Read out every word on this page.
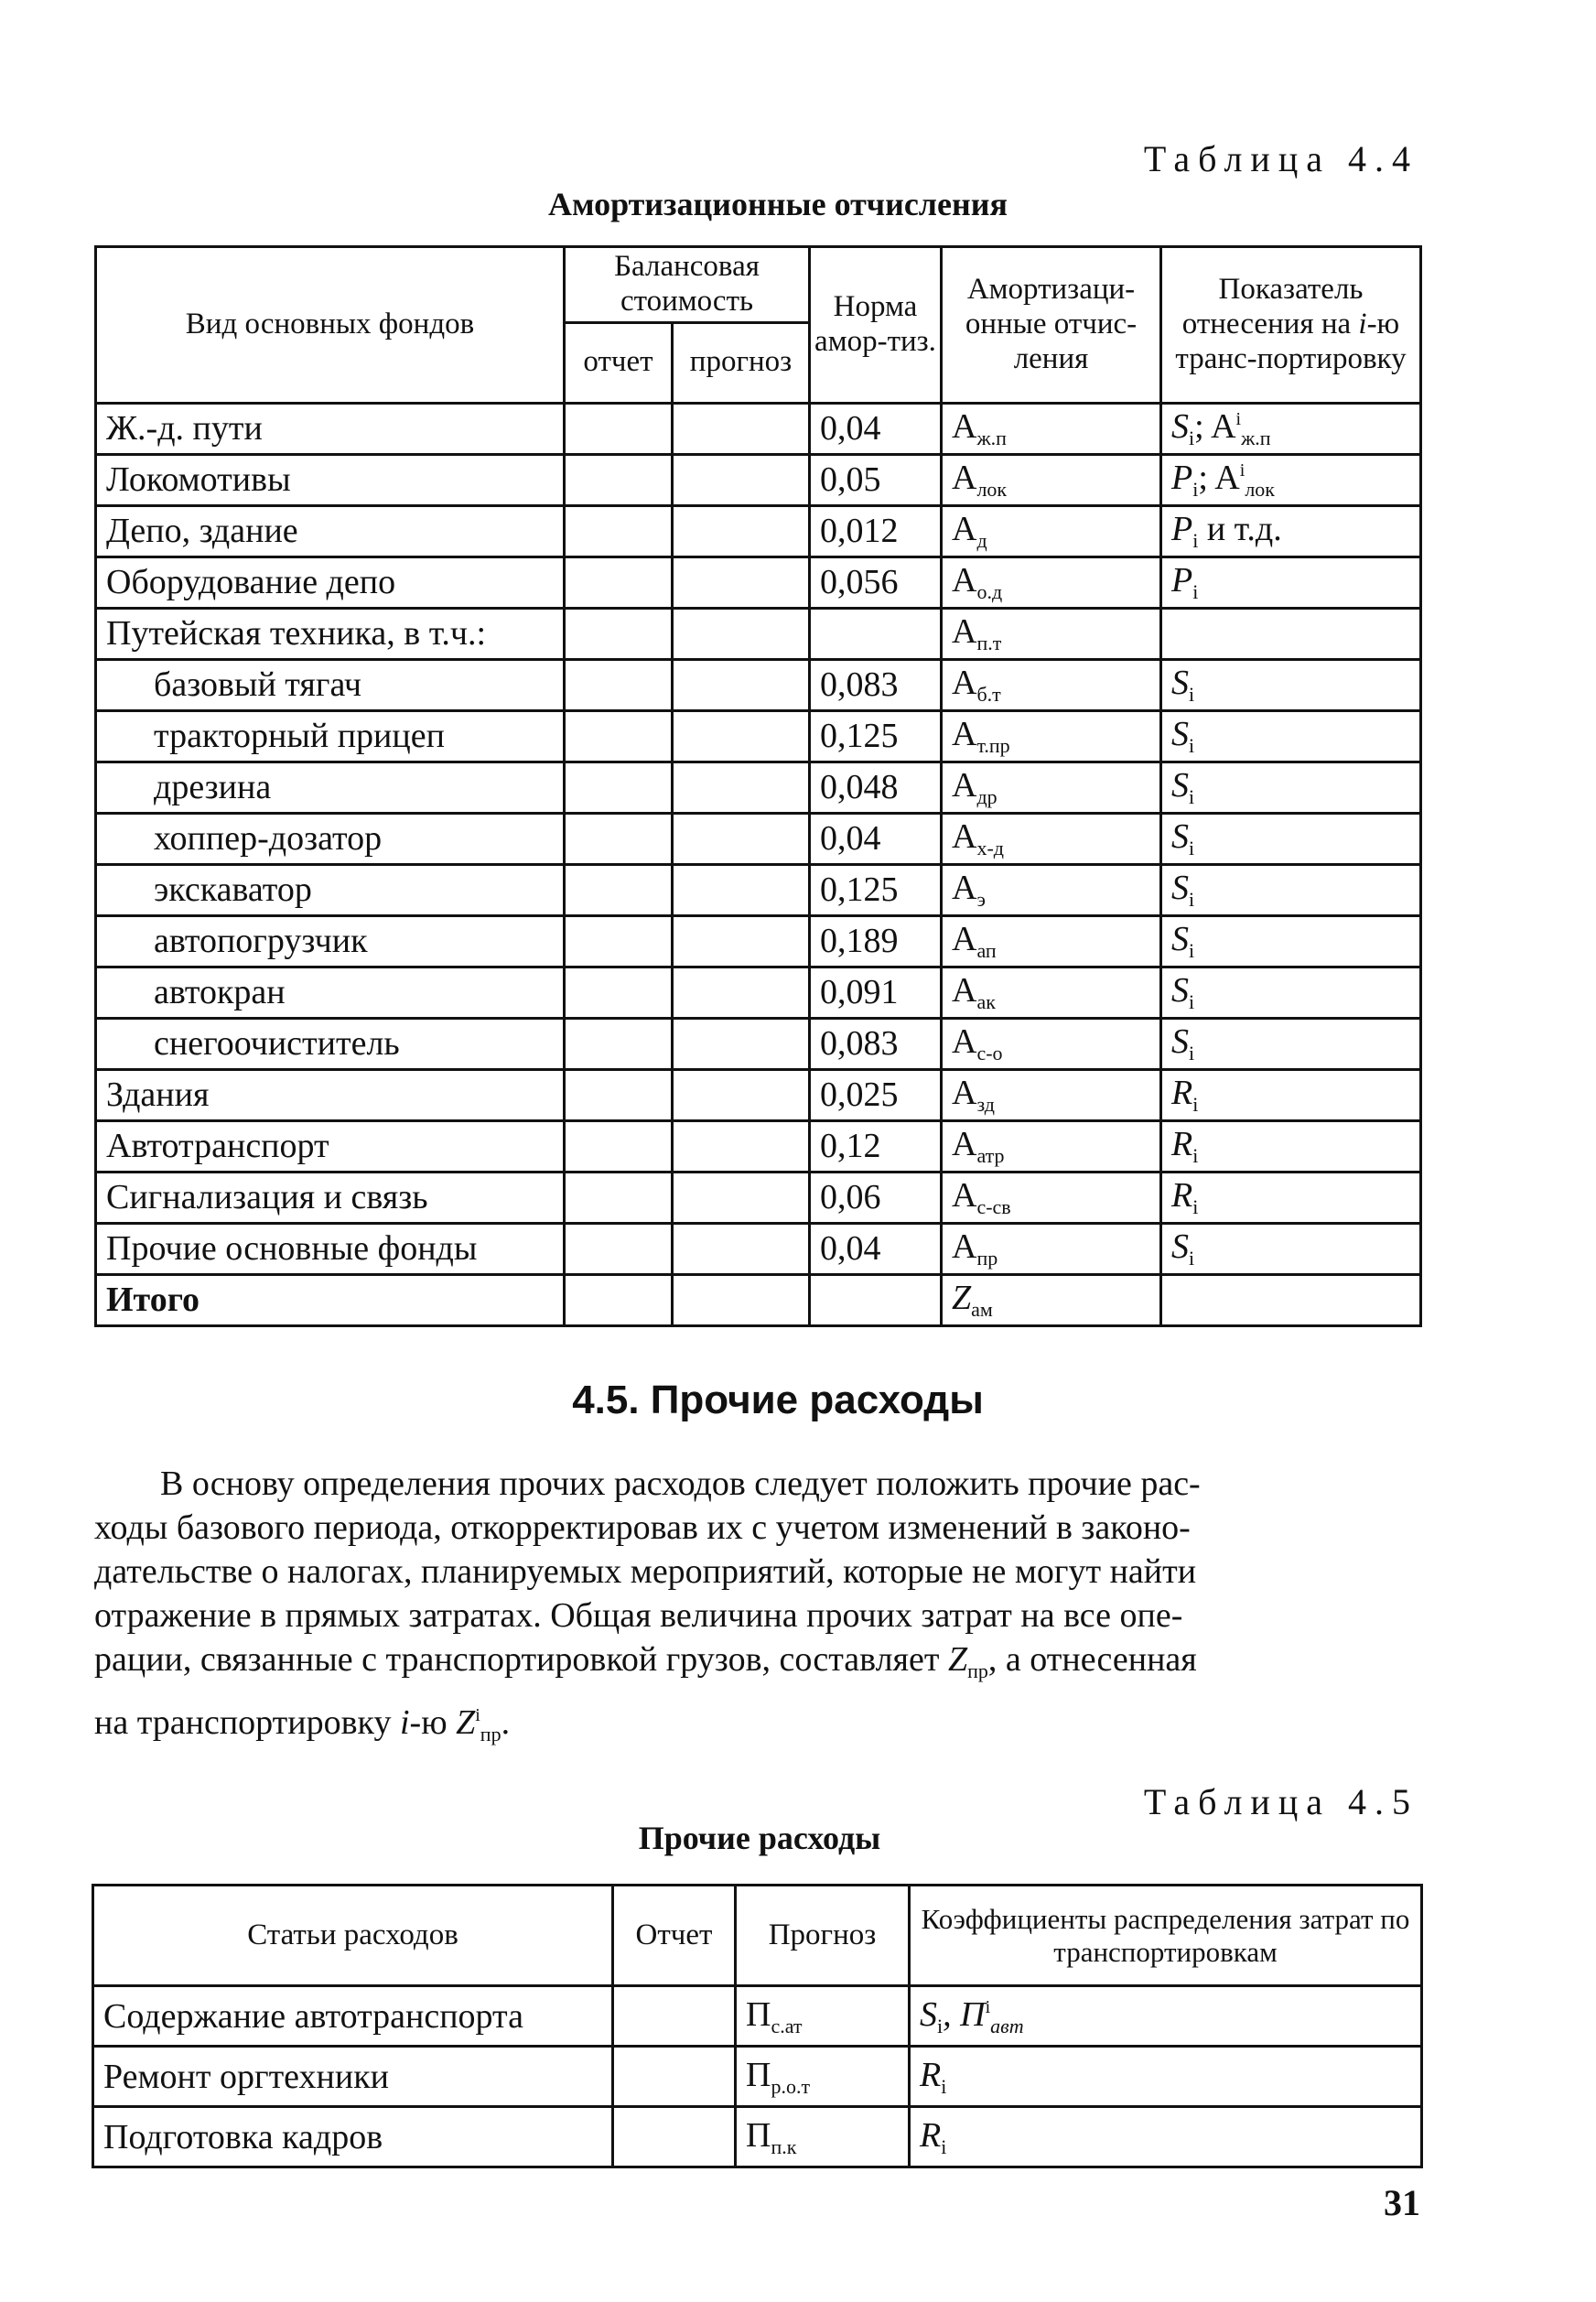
Таблица 4.4
Амортизационные отчисления
Вид основных фондов	Балансовая стоимость		Норма амор-тиз.	Амортизаци-онные отчис-ления	Показатель отнесения на i-ю транс-портировку
	отчет	прогноз			
Ж.-д. пути			0,04	$A_{ж.п}$	$S_i$; $A^i_{ж.п}$
Локомотивы			0,05	$A_{лок}$	$P_i$; $A^i_{лок}$
Депо, здание			0,012	$A_д$	$P_i$ и т.д.
Оборудование депо			0,056	$A_{о.д}$	$P_i$
Путейская техника, в т.ч.:				$A_{п.т}$	
базовый тягач			0,083	$A_{б.т}$	$S_i$
тракторный прицеп			0,125	$A_{т.пр}$	$S_i$
дрезина			0,048	$A_{др}$	$S_i$
хоппер-дозатор			0,04	$A_{х-д}$	$S_i$
экскаватор			0,125	$A_э$	$S_i$
автопогрузчик			0,189	$A_{ап}$	$S_i$
автокран			0,091	$A_{ак}$	$S_i$
снегоочиститель			0,083	$A_{с-о}$	$S_i$
Здания			0,025	$A_{зд}$	$R_i$
Автотранспорт			0,12	$A_{атр}$	$R_i$
Сигнализация и связь			0,06	$A_{с-св}$	$R_i$
Прочие основные фонды			0,04	$A_{пр}$	$S_i$
Итого				$Z_{ам}$	
4.5. Прочие расходы
В основу определения прочих расходов следует положить прочие рас-
ходы базового периода, откорректировав их с учетом изменений в законо-
дательстве о налогах, планируемых мероприятий, которые не могут найти
отражение в прямых затратах. Общая величина прочих затрат на все опе-
рации, связанные с транспортировкой грузов, составляет $Z_{пр}$, а отнесенная
на транспортировку i-ю $Z^i_{пр}$.
Таблица 4.5
Прочие расходы
Статьи расходов	Отчет	Прогноз	Коэффициенты распределения затрат по транспортировкам
Содержание автотранспорта		$П_{с.ат}$	$S_i$, $П^i_{авт}$
Ремонт оргтехники		$П_{р.о.т}$	$R_i$
Подготовка кадров		$П_{п.к}$	$R_i$
31
